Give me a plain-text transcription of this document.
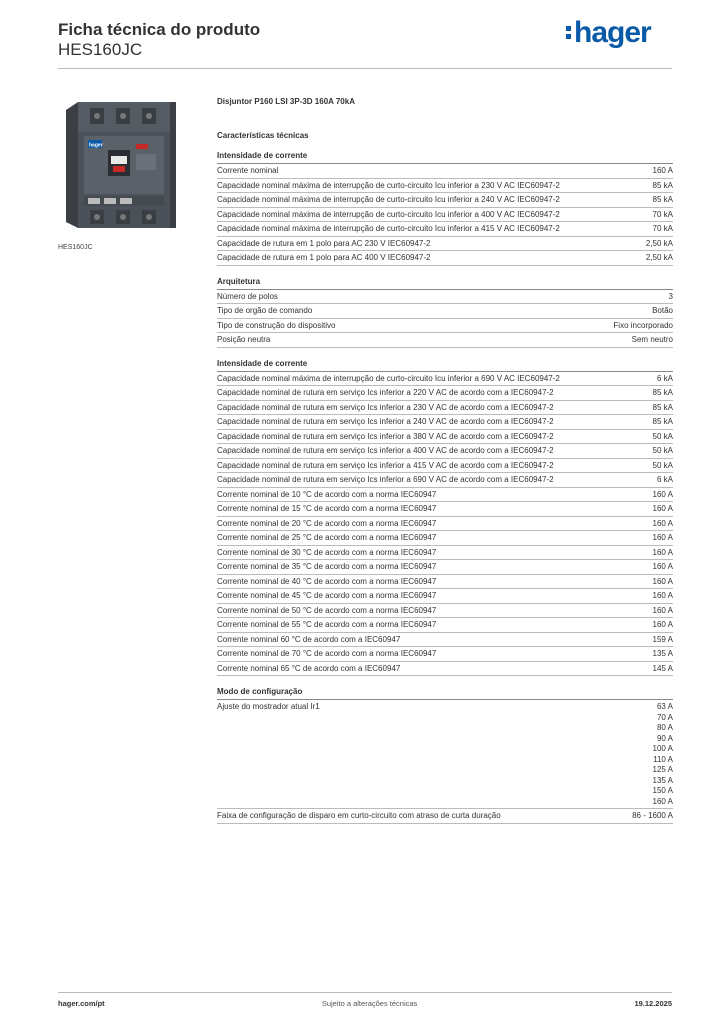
Ficha técnica do produto
HES160JC
hager
hager
HES160JC
Disjuntor P160 LSI 3P-3D 160A 70kA
Características técnicas
Intensidade de corrente
Corrente nominal	160 A
Capacidade nominal máxima de interrupção de curto-circuito Icu inferior a 230 V AC IEC60947-2	85 kA
Capacidade nominal máxima de interrupção de curto-circuito Icu inferior a 240 V AC IEC60947-2	85 kA
Capacidade nominal máxima de interrupção de curto-circuito Icu inferior a 400 V AC IEC60947-2	70 kA
Capacidade nominal máxima de interrupção de curto-circuito Icu inferior a 415 V AC IEC60947-2	70 kA
Capacidade de rutura em 1 polo para AC 230 V IEC60947-2	2,50 kA
Capacidade de rutura em 1 polo para AC 400 V IEC60947-2	2,50 kA
Arquitetura
Número de polos	3
Tipo de orgão de comando	Botão
Tipo de construção do dispositivo	Fixo incorporado
Posição neutra	Sem neutro
Intensidade de corrente
Capacidade nominal máxima de interrupção de curto-circuito Icu inferior a 690 V AC IEC60947-2	6 kA
Capacidade nominal de rutura em serviço Ics inferior a 220 V AC de acordo com a IEC60947-2	85 kA
Capacidade nominal de rutura em serviço Ics inferior a 230 V AC de acordo com a IEC60947-2	85 kA
Capacidade nominal de rutura em serviço Ics inferior a 240 V AC de acordo com a IEC60947-2	85 kA
Capacidade nominal de rutura em serviço Ics inferior a 380 V AC de acordo com a IEC60947-2	50 kA
Capacidade nominal de rutura em serviço Ics inferior a 400 V AC de acordo com a IEC60947-2	50 kA
Capacidade nominal de rutura em serviço Ics inferior a 415 V AC de acordo com a IEC60947-2	50 kA
Capacidade nominal de rutura em serviço Ics inferior a 690 V AC de acordo com a IEC60947-2	6 kA
Corrente nominal de 10 °C de acordo com a norma IEC60947	160 A
Corrente nominal de 15 °C de acordo com a norma IEC60947	160 A
Corrente nominal de 20 °C de acordo com a norma IEC60947	160 A
Corrente nominal de 25 °C de acordo com a norma IEC60947	160 A
Corrente nominal de 30 °C de acordo com a norma IEC60947	160 A
Corrente nominal de 35 °C de acordo com a norma IEC60947	160 A
Corrente nominal de 40 °C de acordo com a norma IEC60947	160 A
Corrente nominal de 45 °C de acordo com a norma IEC60947	160 A
Corrente nominal de 50 °C de acordo com a norma IEC60947	160 A
Corrente nominal de 55 °C de acordo com a norma IEC60947	160 A
Corrente nominal 60 °C de acordo com a IEC60947	159 A
Corrente nominal de 70 °C de acordo com a norma IEC60947	135 A
Corrente nominal 65 °C de acordo com a IEC60947	145 A
Modo de configuração
Ajuste do mostrador atual Ir1	63 A
70 A
80 A
90 A
100 A
110 A
125 A
135 A
150 A
160 A
Faixa de configuração de disparo em curto-circuito com atraso de curta duração	86 - 1600 A
hager.com/pt	Sujeito a alterações técnicas	19.12.2025
